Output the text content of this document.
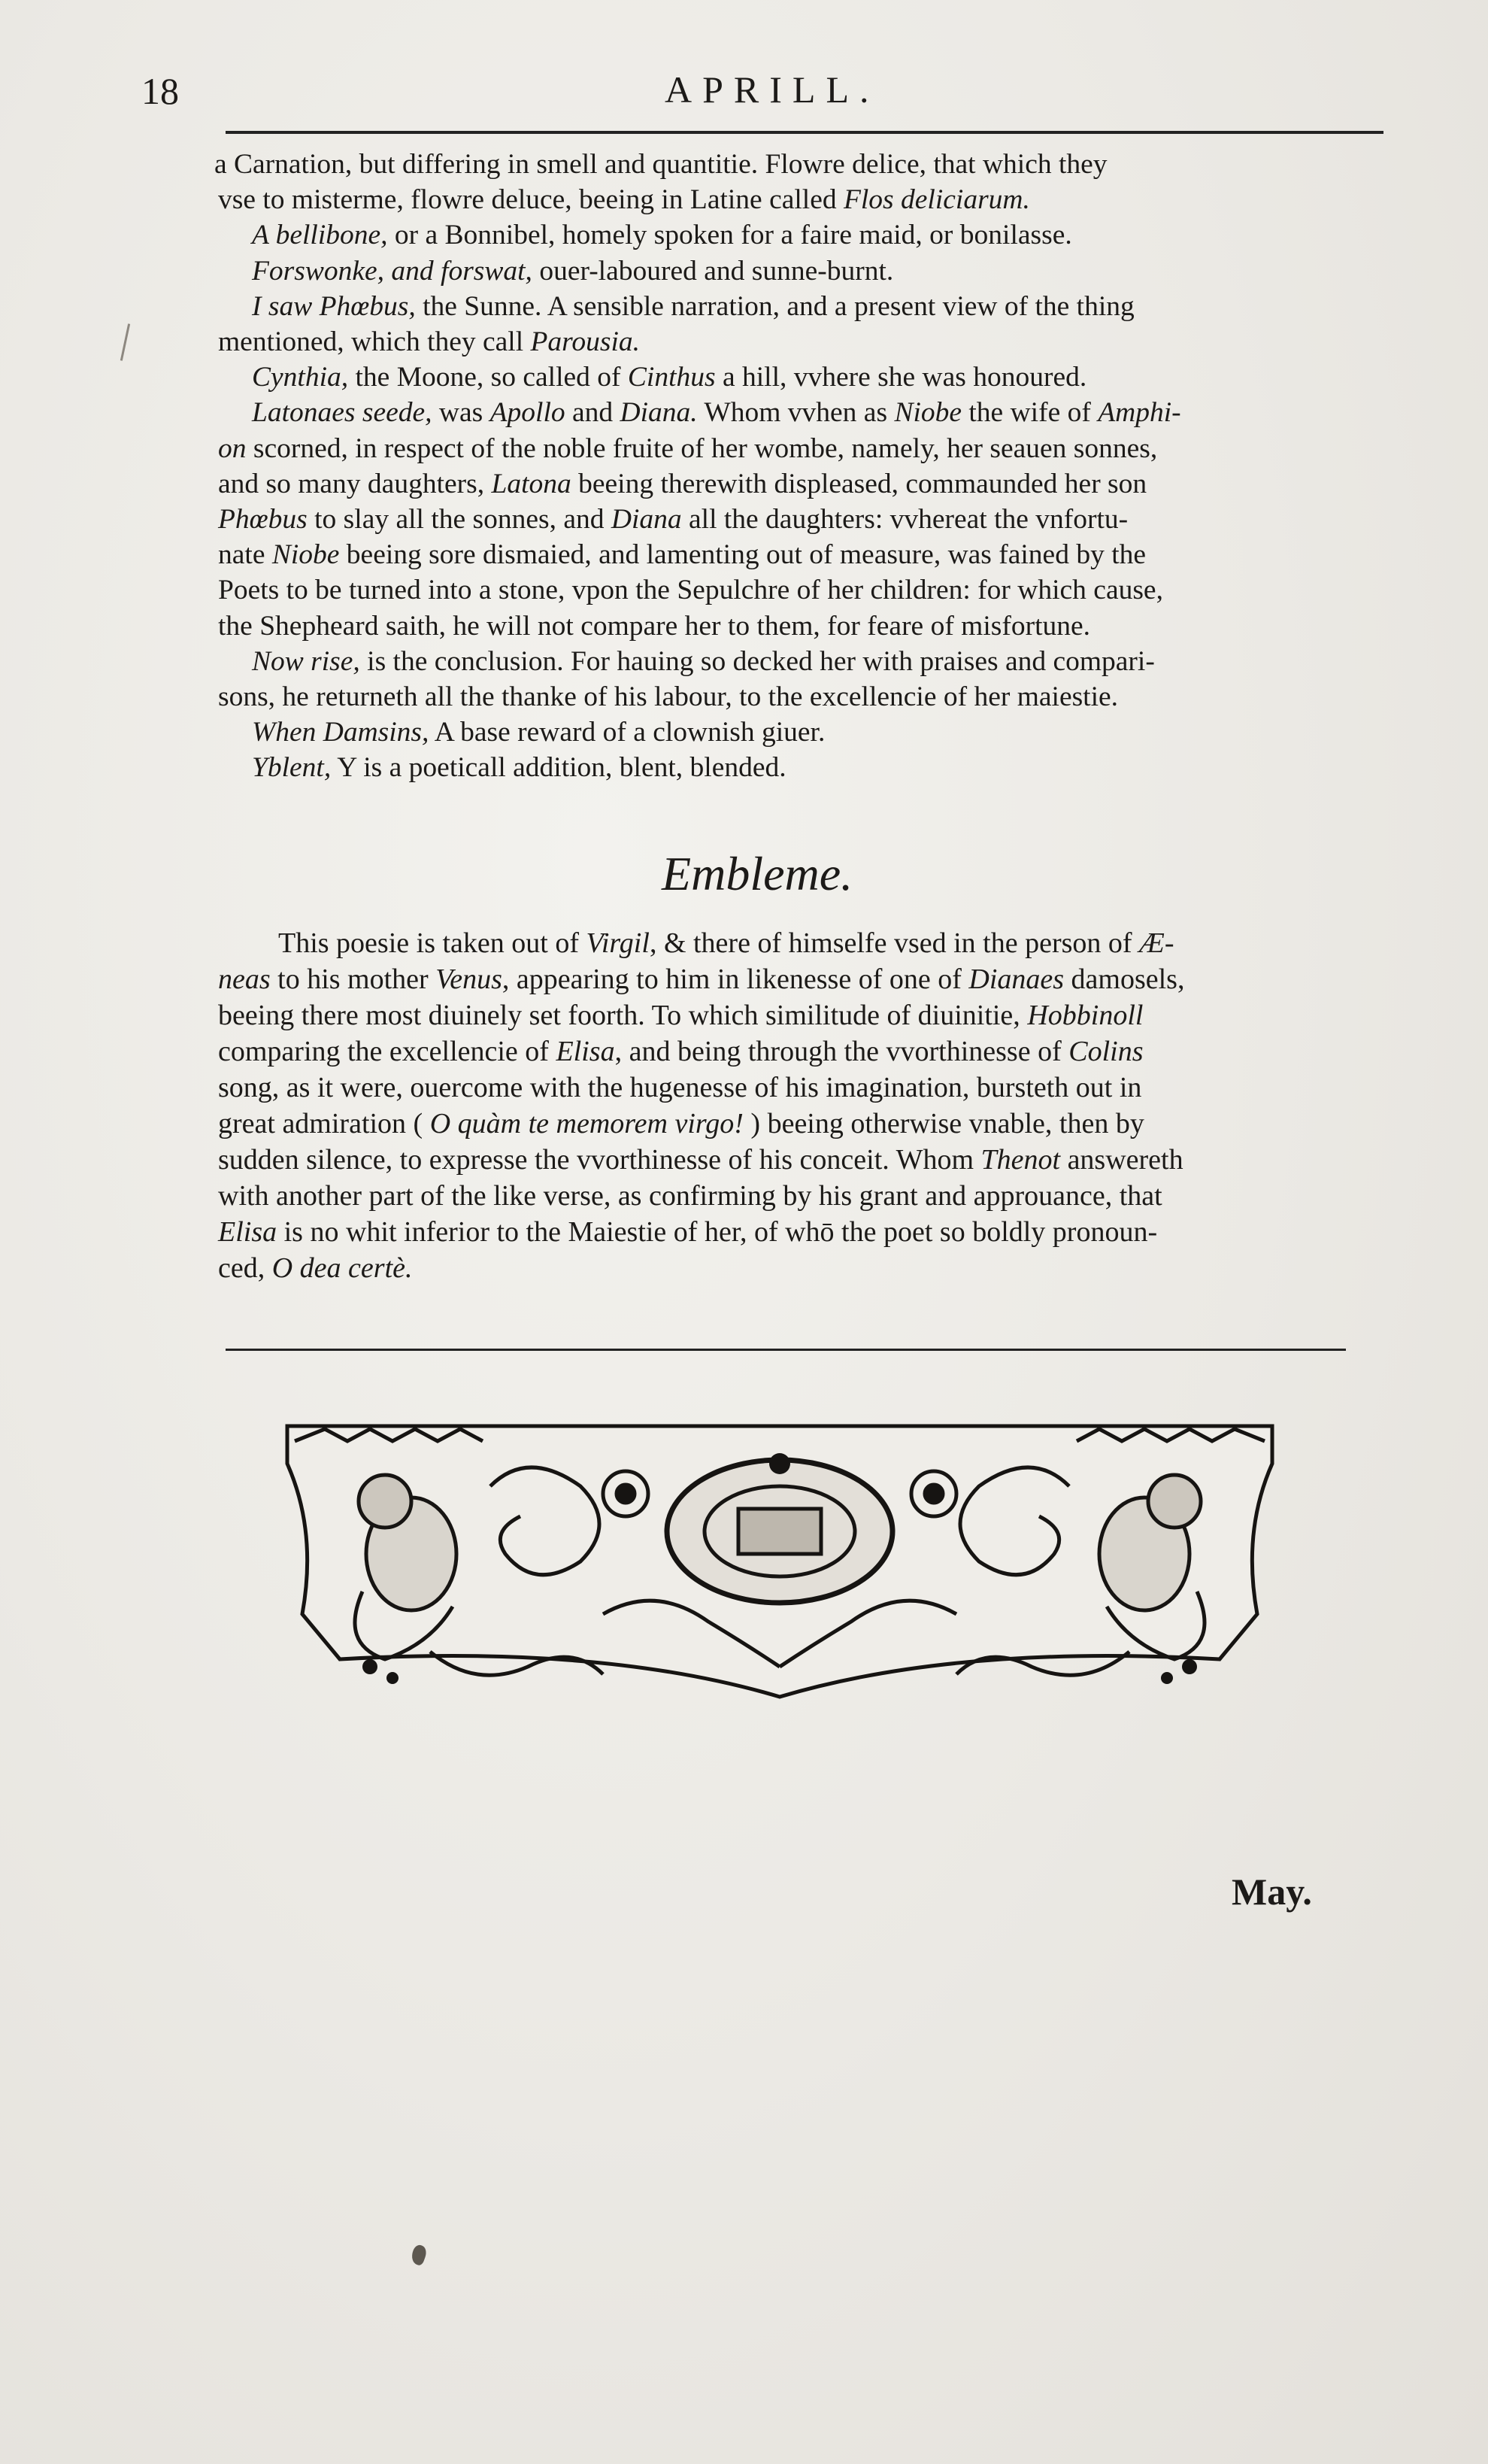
18	APRILL.

a Carnation, but differing in smell and quantitie. Flowre delice, that which they
vse to misterme, flowre deluce, beeing in Latine called Flos deliciarum.

A bellibone, or a Bonnibel, homely spoken for a faire maid, or bonilasse.

Forswonke, and forswat, ouer-laboured and sunne-burnt.

I saw Phœbus, the Sunne. A sensible narration, and a present view of the thing
mentioned, which they call Parousia.

Cynthia, the Moone, so called of Cinthus a hill, vvhere she was honoured.

Latonaes seede, was Apollo and Diana. Whom vvhen as Niobe the wife of Amphi-
on scorned, in respect of the noble fruite of her wombe, namely, her seauen sonnes,
and so many daughters, Latona beeing therewith displeased, commaunded her son
Phœbus to slay all the sonnes, and Diana all the daughters: vvhereat the vnfortu-
nate Niobe beeing sore dismaied, and lamenting out of measure, was fained by the
Poets to be turned into a stone, vpon the Sepulchre of her children: for which cause,
the Shepheard saith, he will not compare her to them, for feare of misfortune.

Now rise, is the conclusion. For hauing so decked her with praises and compari-
sons, he returneth all the thanke of his labour, to the excellencie of her maiestie.

When Damsins, A base reward of a clownish giuer.

Yblent, Y is a poeticall addition, blent, blended.

Embleme.
This poesie is taken out of Virgil, & there of himselfe vsed in the person of Æ-
neas to his mother Venus, appearing to him in likenesse of one of Dianaes damosels,
beeing there most diuinely set foorth. To which similitude of diuinitie, Hobbinoll
comparing the excellencie of Elisa, and being through the vvorthinesse of Colins
song, as it were, ouercome with the hugenesse of his imagination, bursteth out in
great admiration ( O quàm te memorem virgo! ) beeing otherwise vnable, then by
sudden silence, to expresse the vvorthinesse of his conceit. Whom Thenot answereth
with another part of the like verse, as confirming by his grant and approuance, that
Elisa is no whit inferior to the Maiestie of her, of whō the poet so boldly pronoun-
ced, O dea certè.
May.
